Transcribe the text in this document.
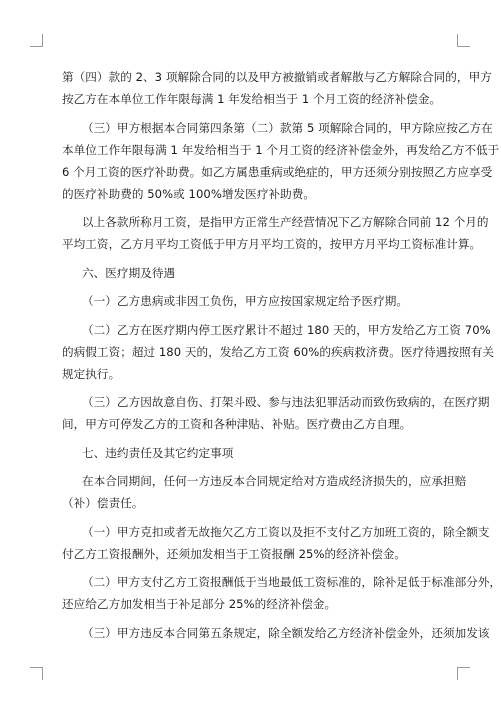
第（四）款的 2、3 项解除合同的以及甲方被撤销或者解散与乙方解除合同的，甲方
按乙方在本单位工作年限每满 1 年发给相当于 1 个月工资的经济补偿金。
（三）甲方根据本合同第四条第（二）款第 5 项解除合同的，甲方除应按乙方在
本单位工作年限每满 1 年发给相当于 1 个月工资的经济补偿金外，再发给乙方不低于
6 个月工资的医疗补助费。如乙方属患重病或绝症的，甲方还须分别按照乙方应享受
的医疗补助费的 50%或 100%增发医疗补助费。
以上各款所称月工资，是指甲方正常生产经营情况下乙方解除合同前 12 个月的
平均工资，乙方月平均工资低于甲方月平均工资的，按甲方月平均工资标准计算。
六、医疗期及待遇
（一）乙方患病或非因工负伤，甲方应按国家规定给予医疗期。
（二）乙方在医疗期内停工医疗累计不超过 180 天的，甲方发给乙方工资 70%
的病假工资；超过 180 天的，发给乙方工资 60%的疾病救济费。医疗待遇按照有关
规定执行。
（三）乙方因故意自伤、打架斗殴、参与违法犯罪活动而致伤致病的，在医疗期
间，甲方可停发乙方的工资和各种津贴、补贴。医疗费由乙方自理。
七、违约责任及其它约定事项
在本合同期间，任何一方违反本合同规定给对方造成经济损失的，应承担赔
（补）偿责任。
（一）甲方克扣或者无故拖欠乙方工资以及拒不支付乙方加班工资的，除全额支
付乙方工资报酬外，还须加发相当于工资报酬 25%的经济补偿金。
（二）甲方支付乙方工资报酬低于当地最低工资标准的，除补足低于标准部分外，
还应给乙方加发相当于补足部分 25%的经济补偿金。
（三）甲方违反本合同第五条规定，除全额发给乙方经济补偿金外，还须加发该
